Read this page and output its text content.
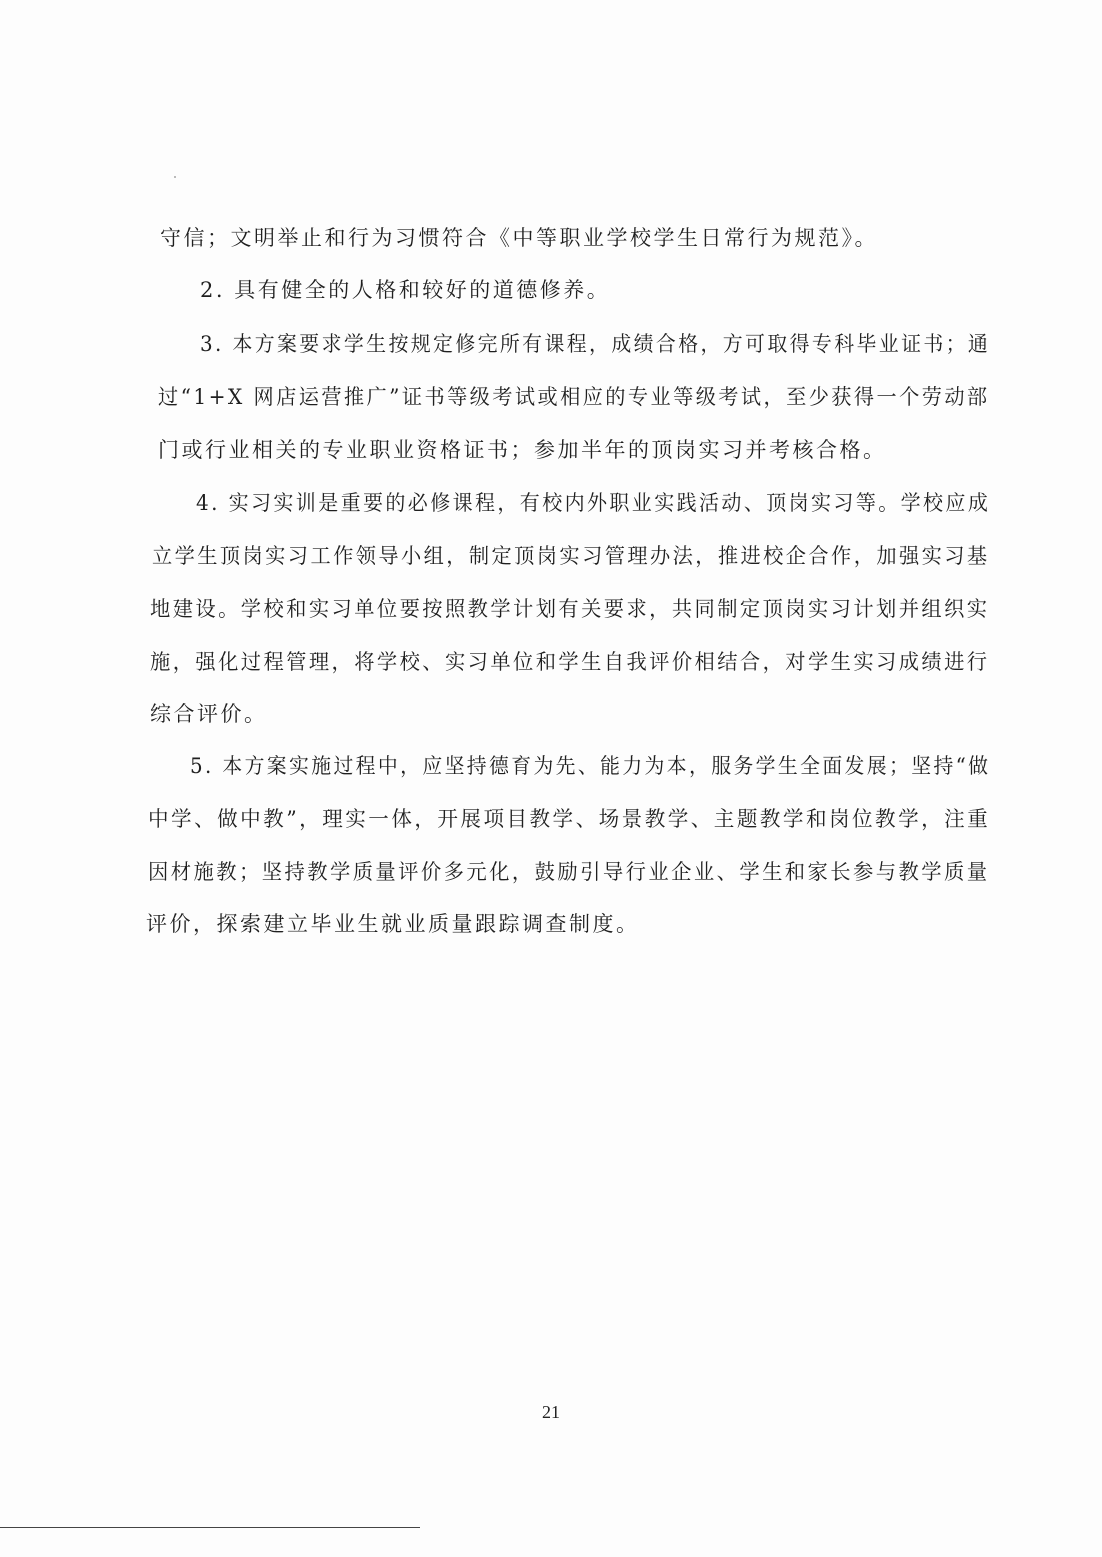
守信；文明举止和行为习惯符合《中等职业学校学生日常行为规范》。
2. 具有健全的人格和较好的道德修养。
3. 本方案要求学生按规定修完所有课程，成绩合格，方可取得专科毕业证书；通
过“1+X 网店运营推广”证书等级考试或相应的专业等级考试，至少获得一个劳动部
门或行业相关的专业职业资格证书；参加半年的顶岗实习并考核合格。
4. 实习实训是重要的必修课程，有校内外职业实践活动、顶岗实习等。学校应成
立学生顶岗实习工作领导小组，制定顶岗实习管理办法，推进校企合作，加强实习基
地建设。学校和实习单位要按照教学计划有关要求，共同制定顶岗实习计划并组织实
施，强化过程管理，将学校、实习单位和学生自我评价相结合，对学生实习成绩进行
综合评价。
5. 本方案实施过程中，应坚持德育为先、能力为本，服务学生全面发展；坚持“做
中学、做中教”，理实一体，开展项目教学、场景教学、主题教学和岗位教学，注重
因材施教；坚持教学质量评价多元化，鼓励引导行业企业、学生和家长参与教学质量
评价，探索建立毕业生就业质量跟踪调查制度。
21
